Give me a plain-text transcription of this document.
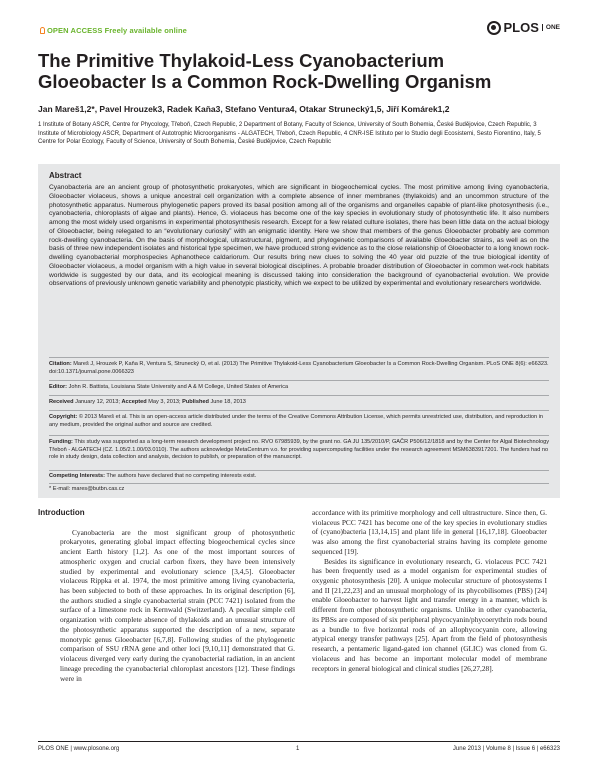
OPEN ACCESS Freely available online	PLOS	ONE
The Primitive Thylakoid-Less Cyanobacterium
Gloeobacter Is a Common Rock-Dwelling Organism
Jan Mareš1,2*, Pavel Hrouzek3, Radek Kaňa3, Stefano Ventura4, Otakar Strunecký1,5, Jiří Komárek1,2
1 Institute of Botany ASCR, Centre for Phycology, Třeboň, Czech Republic, 2 Department of Botany, Faculty of Science, University of South Bohemia, České Budějovice, Czech Republic, 3 Institute of Microbiology ASCR, Department of Autotrophic Microorganisms - ALGATECH, Třeboň, Czech Republic, 4 CNR-ISE Istituto per lo Studio degli Ecosistemi, Sesto Fiorentino, Italy, 5 Centre for Polar Ecology, Faculty of Science, University of South Bohemia, České Budějovice, Czech Republic
Abstract
Cyanobacteria are an ancient group of photosynthetic prokaryotes, which are significant in biogeochemical cycles. The most primitive among living cyanobacteria, Gloeobacter violaceus, shows a unique ancestral cell organization with a complete absence of inner membranes (thylakoids) and an uncommon structure of the photosynthetic apparatus. Numerous phylogenetic papers proved its basal position among all of the organisms and organelles capable of plant-like photosynthesis (i.e., cyanobacteria, chloroplasts of algae and plants). Hence, G. violaceus has become one of the key species in evolutionary study of photosynthetic life. It also numbers among the most widely used organisms in experimental photosynthesis research. Except for a few related culture isolates, there has been little data on the actual biology of Gloeobacter, being relegated to an “evolutionary curiosity” with an enigmatic identity. Here we show that members of the genus Gloeobacter probably are common rock-dwelling cyanobacteria. On the basis of morphological, ultrastructural, pigment, and phylogenetic comparisons of available Gloeobacter strains, as well as on the basis of three new independent isolates and historical type specimen, we have produced strong evidence as to the close relationship of Gloeobacter to a long known rock-dwelling cyanobacterial morphospecies Aphanothece caldariorum. Our results bring new clues to solving the 40 year old puzzle of the true biological identity of Gloeobacter violaceus, a model organism with a high value in several biological disciplines. A probable broader distribution of Gloeobacter in common wet-rock habitats worldwide is suggested by our data, and its ecological meaning is discussed taking into consideration the background of cyanobacterial evolution. We provide observations of previously unknown genetic variability and phenotypic plasticity, which we expect to be utilized by experimental and evolutionary researchers worldwide.
Citation: Mareš J, Hrouzek P, Kaňa R, Ventura S, Strunecký O, et al. (2013) The Primitive Thylakoid-Less Cyanobacterium Gloeobacter Is a Common Rock-Dwelling Organism. PLoS ONE 8(6): e66323. doi:10.1371/journal.pone.0066323
Editor: John R. Battista, Louisiana State University and A & M College, United States of America
Received January 12, 2013; Accepted May 3, 2013; Published June 18, 2013
Copyright: © 2013 Mareš et al. This is an open-access article distributed under the terms of the Creative Commons Attribution License, which permits unrestricted use, distribution, and reproduction in any medium, provided the original author and source are credited.
Funding: This study was supported as a long-term research development project no. RVO 67985939, by the grant no. GA JU 135/2010/P, GAČR P506/12/1818 and by the Center for Algal Biotechnology Třeboň - ALGATECH (CZ. 1.05/2.1.00/03.0110). The authors acknowledge MetaCentrum v.o. for providing supercomputing facilities under the research agreement MSM6383917201. The funders had no role in study design, data collection and analysis, decision to publish, or preparation of the manuscript.
Competing Interests: The authors have declared that no competing interests exist.
* E-mail: mares@butbn.cas.cz
Introduction

Cyanobacteria are the most significant group of photosynthetic prokaryotes, generating global impact effecting biogeochemical cycles since ancient Earth history [1,2]. As one of the most important sources of atmospheric oxygen and crucial carbon fixers, they have been intensively studied by experimental and evolutionary science [3,4,5]. Gloeobacter violaceus Rippka et al. 1974, the most primitive among living cyanobacteria, has been subjected to both of these approaches. In its original description [6], the authors studied a single cyanobacterial strain (PCC 7421) isolated from the surface of a limestone rock in Kernwald (Switzerland). A peculiar simple cell organization with complete absence of thylakoids and an unusual structure of the photosynthetic apparatus supported the description of a new, separate monotypic genus Gloeobacter [6,7,8]. Following studies of the phylogenetic comparison of SSU rRNA gene and other loci [9,10,11] demonstrated that G. violaceus diverged very early during the cyanobacterial radiation, in an ancient lineage preceding the cyanobacterial chloroplast ancestors [12]. These findings were in

accordance with its primitive morphology and cell ultrastructure. Since then, G. violaceus PCC 7421 has become one of the key species in evolutionary studies of (cyano)bacteria [13,14,15] and plant life in general [16,17,18]. Gloeobacter was also among the first cyanobacterial strains having its complete genome sequenced [19].

Besides its significance in evolutionary research, G. violaceus PCC 7421 has been frequently used as a model organism for experimental studies of oxygenic photosynthesis [20]. A unique molecular structure of photosystems I and II [21,22,23] and an unusual morphology of its phycobilisomes (PBS) [24] enable Gloeobacter to harvest light and transfer energy in a manner, which is different from other photosynthetic organisms. Unlike in other cyanobacteria, its PBSs are composed of six peripheral phycocyanin/phycoerythrin rods bound as a bundle to five horizontal rods of an allophycocyanin core, allowing atypical energy transfer pathways [25]. Apart from the field of photosynthesis research, a pentameric ligand-gated ion channel (GLIC) was cloned from G. violaceus and has become an important molecular model of membrane receptors in general biological and clinical studies [26,27,28].

PLOS ONE | www.plosone.org	1	June 2013 | Volume 8 | Issue 6 | e66323
